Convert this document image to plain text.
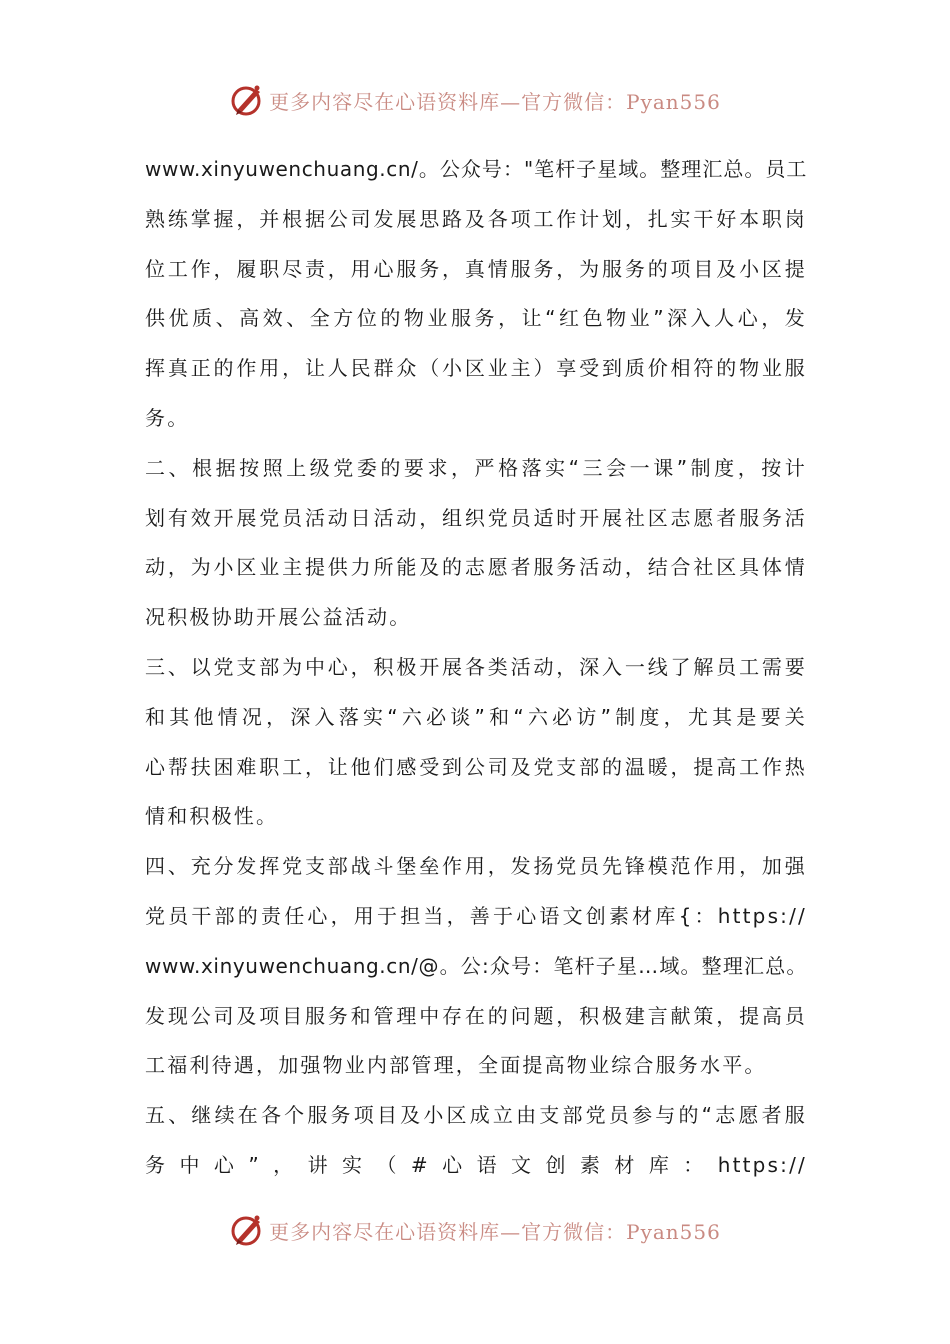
更多内容尽在心语资料库—官方微信：Pyan556

www.xinyuwenchuang.cn/。公众号："笔杆子星域。整理汇总。员工

熟练掌握，并根据公司发展思路及各项工作计划，扎实干好本职岗

位工作，履职尽责，用心服务，真情服务，为服务的项目及小区提

供优质、高效、全方位的物业服务，让“红色物业”深入人心，发

挥真正的作用，让人民群众（小区业主）享受到质价相符的物业服

务。

二、根据按照上级党委的要求，严格落实“三会一课”制度，按计

划有效开展党员活动日活动，组织党员适时开展社区志愿者服务活

动，为小区业主提供力所能及的志愿者服务活动，结合社区具体情

况积极协助开展公益活动。

三、以党支部为中心，积极开展各类活动，深入一线了解员工需要

和其他情况，深入落实“六必谈”和“六必访”制度，尤其是要关

心帮扶困难职工，让他们感受到公司及党支部的温暖，提高工作热

情和积极性。

四、充分发挥党支部战斗堡垒作用，发扬党员先锋模范作用，加强

党员干部的责任心，用于担当，善于心语文创素材库{：https://

www.xinyuwenchuang.cn/@。公:众号：笔杆子星…域。整理汇总。

发现公司及项目服务和管理中存在的问题，积极建言献策，提高员

工福利待遇，加强物业内部管理，全面提高物业综合服务水平。

五、继续在各个服务项目及小区成立由支部党员参与的“志愿者服

务中心”，讲实（#心语文创素材库：https://

更多内容尽在心语资料库—官方微信：Pyan556
